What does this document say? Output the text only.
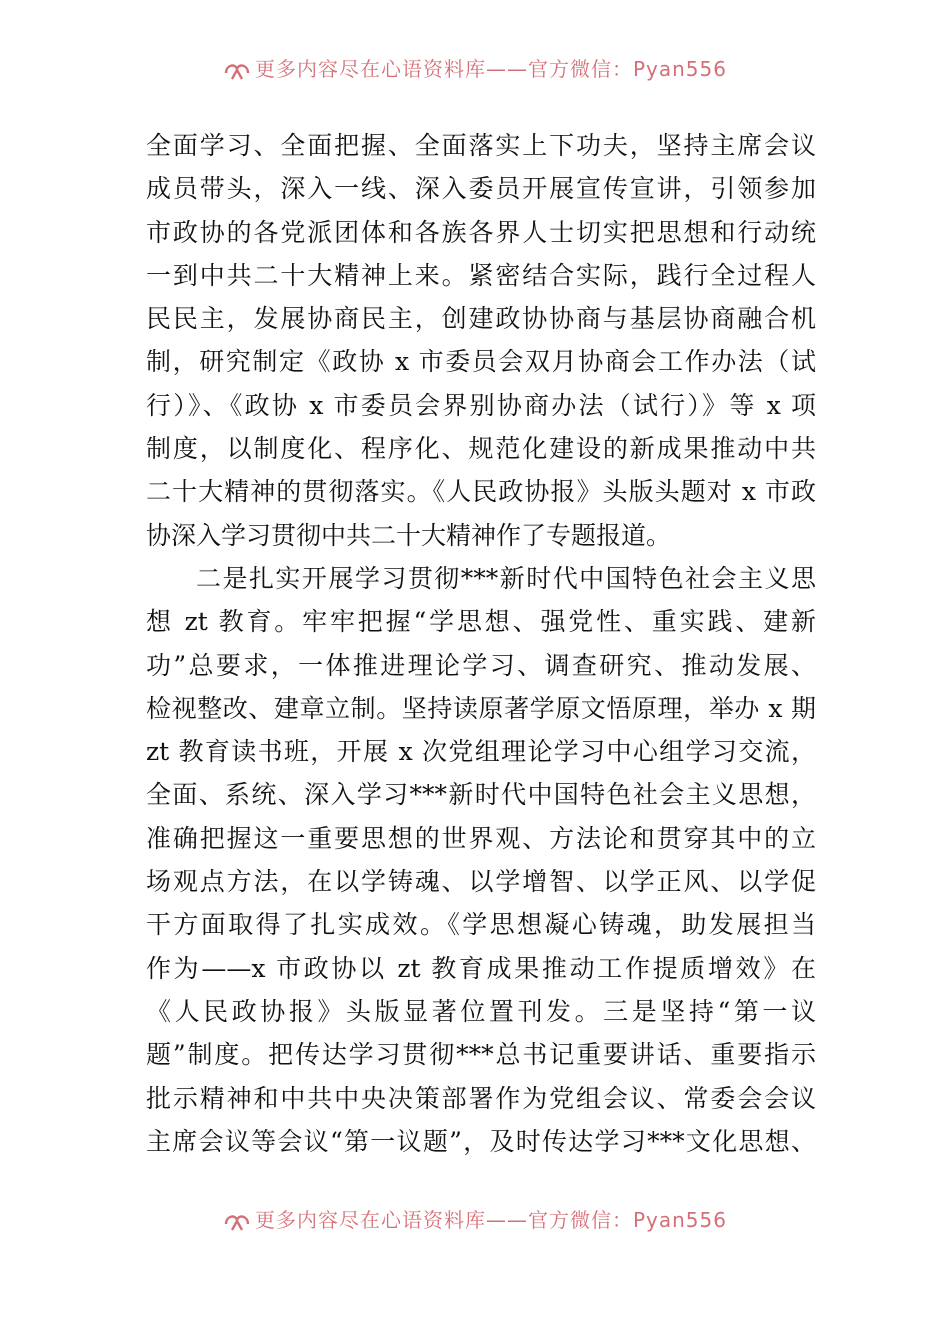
更多内容尽在心语资料库——官方微信：Pyan556
全面学习、全面把握、全面落实上下功夫，坚持主席会议
成员带头，深入一线、深入委员开展宣传宣讲，引领参加
市政协的各党派团体和各族各界人士切实把思想和行动统
一到中共二十大精神上来。紧密结合实际，践行全过程人
民民主，发展协商民主，创建政协协商与基层协商融合机
制，研究制定《政协 x 市委员会双月协商会工作办法（试
行）》、《政协 x 市委员会界别协商办法（试行）》等 x 项
制度，以制度化、程序化、规范化建设的新成果推动中共
二十大精神的贯彻落实。《人民政协报》头版头题对 x 市政
协深入学习贯彻中共二十大精神作了专题报道。
二是扎实开展学习贯彻***新时代中国特色社会主义思
想 zt 教育。牢牢把握“学思想、强党性、重实践、建新
功”总要求，一体推进理论学习、调查研究、推动发展、
检视整改、建章立制。坚持读原著学原文悟原理，举办 x 期
zt 教育读书班，开展 x 次党组理论学习中心组学习交流，
全面、系统、深入学习***新时代中国特色社会主义思想，
准确把握这一重要思想的世界观、方法论和贯穿其中的立
场观点方法，在以学铸魂、以学增智、以学正风、以学促
干方面取得了扎实成效。《学思想凝心铸魂，助发展担当
作为——x 市政协以 zt 教育成果推动工作提质增效》在
《人民政协报》头版显著位置刊发。三是坚持“第一议
题”制度。把传达学习贯彻***总书记重要讲话、重要指示
批示精神和中共中央决策部署作为党组会议、常委会会议
主席会议等会议“第一议题”，及时传达学习***文化思想、
更多内容尽在心语资料库——官方微信：Pyan556
